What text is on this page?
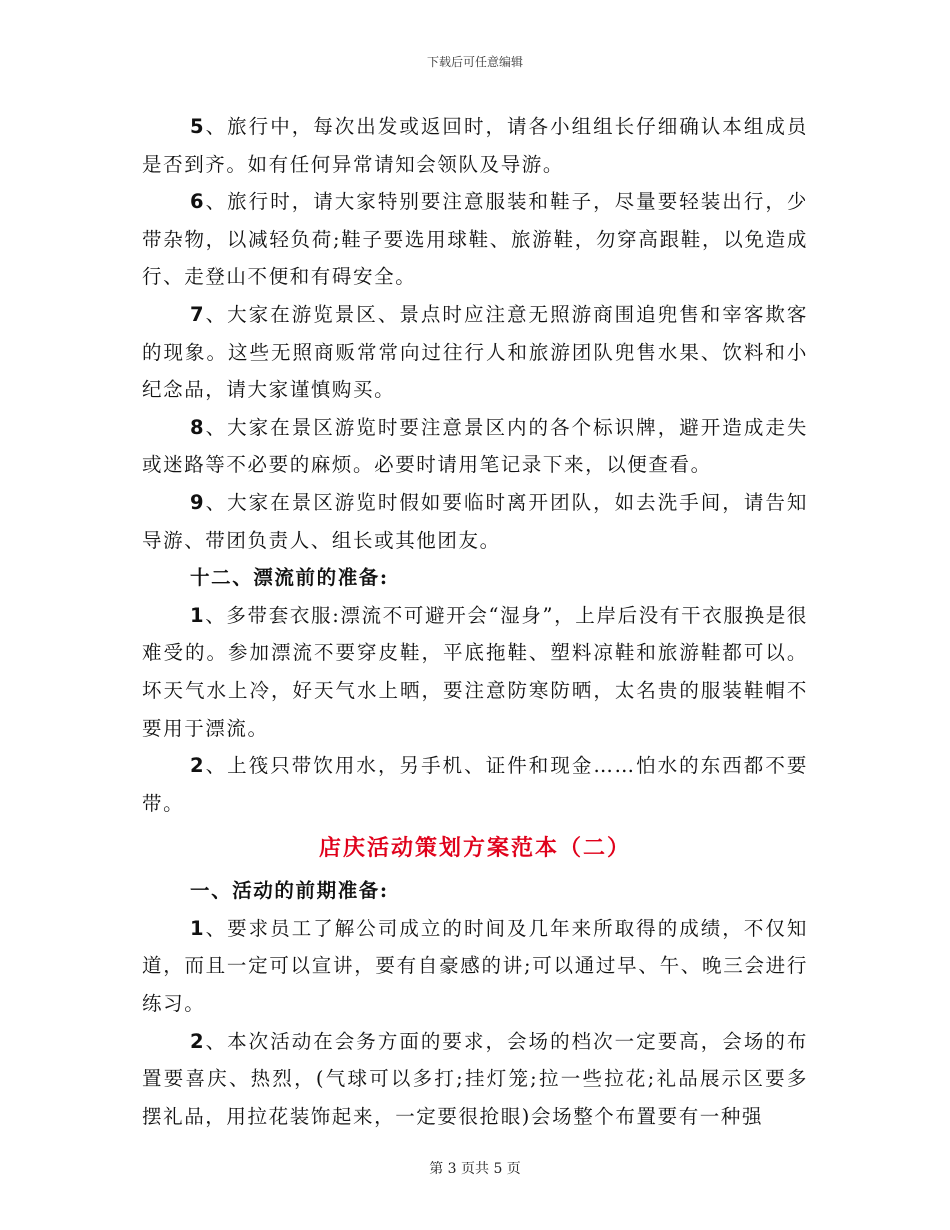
下载后可任意编辑

5、旅行中，每次出发或返回时，请各小组组长仔细确认本组成员是否到齐。如有任何异常请知会领队及导游。

6、旅行时，请大家特别要注意服装和鞋子，尽量要轻装出行，少带杂物，以减轻负荷;鞋子要选用球鞋、旅游鞋，勿穿高跟鞋，以免造成行、走登山不便和有碍安全。

7、大家在游览景区、景点时应注意无照游商围追兜售和宰客欺客的现象。这些无照商贩常常向过往行人和旅游团队兜售水果、饮料和小纪念品，请大家谨慎购买。

8、大家在景区游览时要注意景区内的各个标识牌，避开造成走失或迷路等不必要的麻烦。必要时请用笔记录下来，以便查看。

9、大家在景区游览时假如要临时离开团队，如去洗手间，请告知导游、带团负责人、组长或其他团友。

十二、漂流前的准备:

1、多带套衣服:漂流不可避开会“湿身”，上岸后没有干衣服换是很难受的。参加漂流不要穿皮鞋，平底拖鞋、塑料凉鞋和旅游鞋都可以。坏天气水上冷，好天气水上晒，要注意防寒防晒，太名贵的服装鞋帽不要用于漂流。

2、上筏只带饮用水，另手机、证件和现金……怕水的东西都不要带。

店庆活动策划方案范本（二）

一、活动的前期准备:

1、要求员工了解公司成立的时间及几年来所取得的成绩，不仅知道，而且一定可以宣讲，要有自豪感的讲;可以通过早、午、晚三会进行练习。

2、本次活动在会务方面的要求，会场的档次一定要高，会场的布置要喜庆、热烈，(气球可以多打;挂灯笼;拉一些拉花;礼品展示区要多摆礼品，用拉花装饰起来，一定要很抢眼)会场整个布置要有一种强

第 3 页共 5 页
